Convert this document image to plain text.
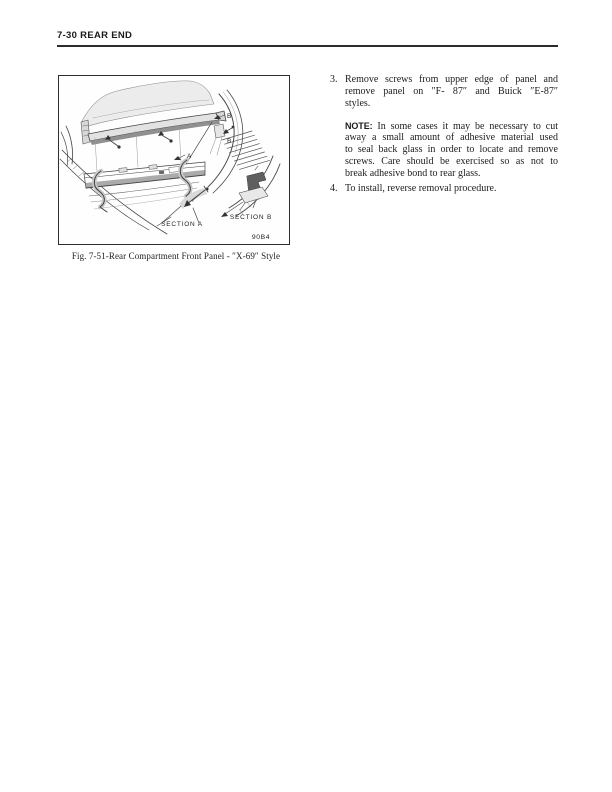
7-30 REAR END
B
B
A
SECTION A
SECTION B
90B4
Fig. 7-51-Rear Compartment Front Panel - ″X-69″ Style
3. Remove screws from upper edge of panel and
remove panel on ″F- 87″ and Buick ″E-87″
styles.
NOTE: In some cases it may be necessary to cut
away a small amount of adhesive material used
to seal back glass in order to locate and remove
screws. Care should be exercised so as not to
break adhesive bond to rear glass.
4. To install, reverse removal procedure.
